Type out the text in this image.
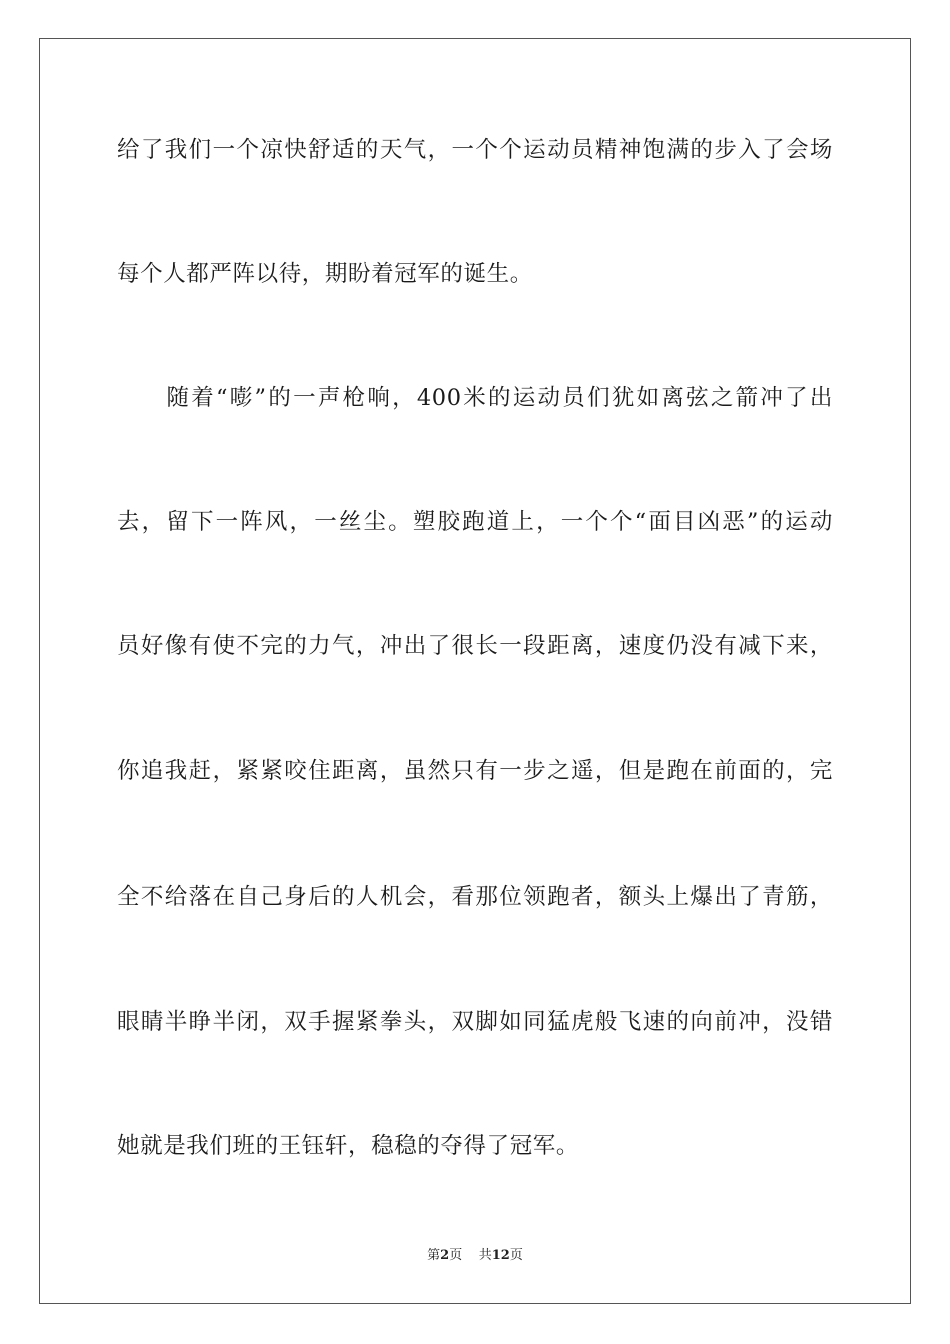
给了我们一个凉快舒适的天气，一个个运动员精神饱满的步入了会场
每个人都严阵以待，期盼着冠军的诞生。
　　随着“嘭”的一声枪响，400米的运动员们犹如离弦之箭冲了出
去，留下一阵风，一丝尘。塑胶跑道上，一个个“面目凶恶”的运动
员好像有使不完的力气，冲出了很长一段距离，速度仍没有减下来，
你追我赶，紧紧咬住距离，虽然只有一步之遥，但是跑在前面的，完
全不给落在自己身后的人机会，看那位领跑者，额头上爆出了青筋，
眼睛半睁半闭，双手握紧拳头，双脚如同猛虎般飞速的向前冲，没错
她就是我们班的王钰轩，稳稳的夺得了冠军。
第2页 共12页
